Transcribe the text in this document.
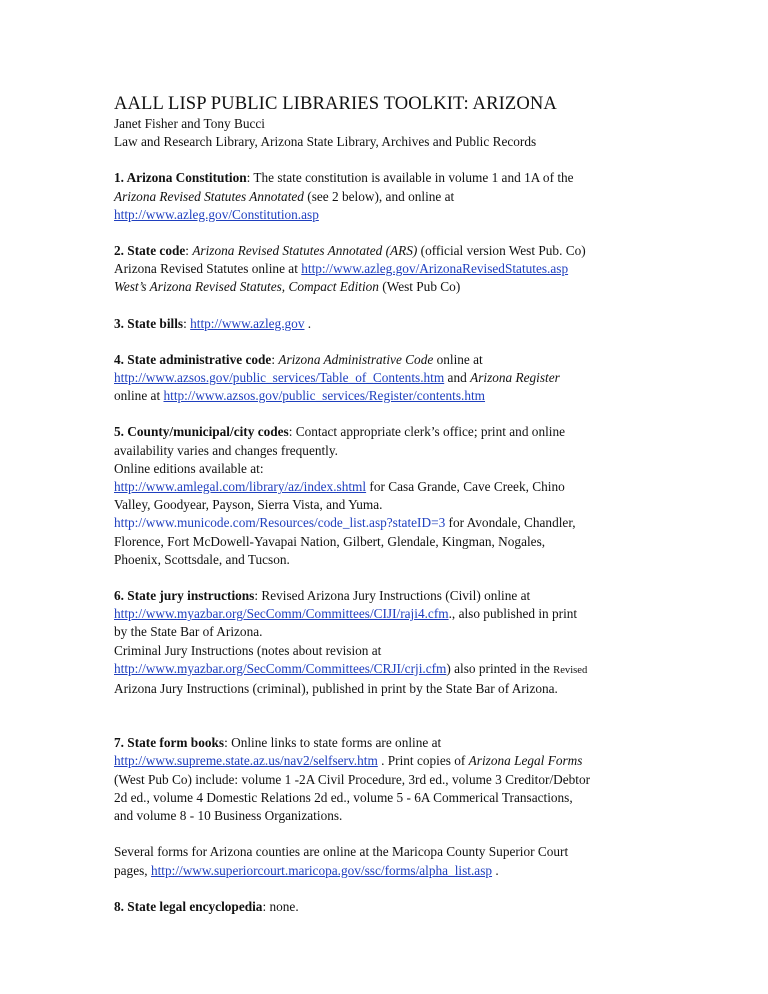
AALL LISP PUBLIC LIBRARIES TOOLKIT: ARIZONA

Janet Fisher and Tony Bucci

Law and Research Library, Arizona State Library, Archives and Public Records

1. Arizona Constitution: The state constitution is available in volume 1 and 1A of the

Arizona Revised Statutes Annotated (see 2 below), and online at

http://www.azleg.gov/Constitution.asp

2. State code: Arizona Revised Statutes Annotated (ARS) (official version West Pub. Co)

Arizona Revised Statutes online at http://www.azleg.gov/ArizonaRevisedStatutes.asp

West’s Arizona Revised Statutes, Compact Edition (West Pub Co)

3. State bills: http://www.azleg.gov .

4. State administrative code: Arizona Administrative Code online at

http://www.azsos.gov/public_services/Table_of_Contents.htm and Arizona Register

online at http://www.azsos.gov/public_services/Register/contents.htm

5. County/municipal/city codes: Contact appropriate clerk’s office; print and online

availability varies and changes frequently.

Online editions available at:

http://www.amlegal.com/library/az/index.shtml for Casa Grande, Cave Creek, Chino

Valley, Goodyear, Payson, Sierra Vista, and Yuma.

http://www.municode.com/Resources/code_list.asp?stateID=3 for Avondale, Chandler,

Florence, Fort McDowell-Yavapai Nation, Gilbert, Glendale, Kingman, Nogales,

Phoenix, Scottsdale, and Tucson.

6. State jury instructions: Revised Arizona Jury Instructions (Civil) online at

http://www.myazbar.org/SecComm/Committees/CIJI/raji4.cfm., also published in print

by the State Bar of Arizona.

Criminal Jury Instructions (notes about revision at

http://www.myazbar.org/SecComm/Committees/CRJI/crji.cfm) also printed in the Revised

Arizona Jury Instructions (criminal), published in print by the State Bar of Arizona.

7. State form books: Online links to state forms are online at

http://www.supreme.state.az.us/nav2/selfserv.htm . Print copies of Arizona Legal Forms

(West Pub Co) include: volume 1 -2A Civil Procedure, 3rd ed., volume 3 Creditor/Debtor

2d ed., volume 4 Domestic Relations 2d ed., volume 5 - 6A Commerical Transactions,

and volume 8 - 10 Business Organizations.

Several forms for Arizona counties are online at the Maricopa County Superior Court

pages, http://www.superiorcourt.maricopa.gov/ssc/forms/alpha_list.asp .

8. State legal encyclopedia: none.
